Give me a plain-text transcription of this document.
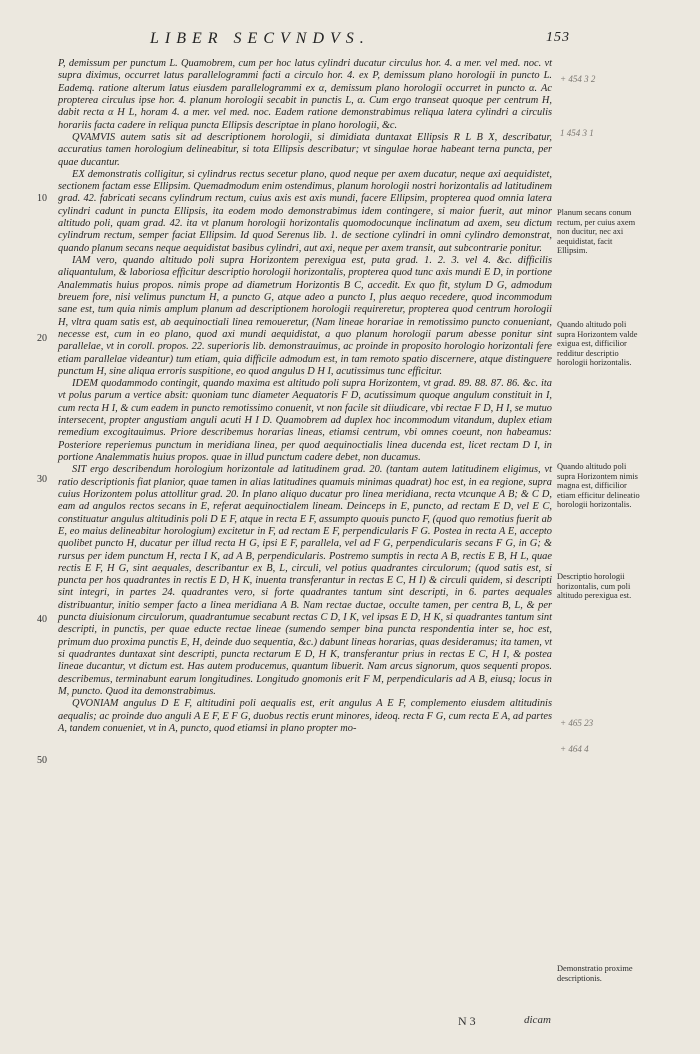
LIBER SECVNDVS.	153

P, demissum per punctum L. Quamobrem, cum per hoc latus cylindri ducatur circulus hor. 4. a mer. vel med. noc. vt supra diximus, occurret latus parallelogrammi facti a circulo hor. 4. ex P, demissum plano horologii in puncto L. Eademq. ratione alterum latus eiusdem parallelogrammi ex α, demissum plano horologii occurret in puncto α. Ac propterea circulus ipse hor. 4. planum horologii secabit in punctis L, α. Cum ergo transeat quoque per centrum H, dabit recta α H L, horam 4. a mer. vel med. noc. Eadem ratione demonstrabimus reliqua latera cylindri a circulis horariis facta cadere in reliqua puncta Ellipsis descriptae in plano horologii, &c.

QVAMVIS autem satis sit ad descriptionem horologii, si dimidiata duntaxat Ellipsis R L B X, describatur, accuratius tamen horologium delineabitur, si tota Ellipsis describatur; vt singulae horae habeant terna puncta, per quae ducantur.

EX demonstratis colligitur, si cylindrus rectus secetur plano, quod neque per axem ducatur, neque axi aequidistet, sectionem factam esse Ellipsim. Quemadmodum enim ostendimus, planum horologii nostri horizontalis ad latitudinem grad. 42. fabricati secans cylindrum rectum, cuius axis est axis mundi, facere Ellipsim, propterea quod omnia latera cylindri cadunt in puncta Ellipsis, ita eodem modo demonstrabimus idem contingere, si maior fuerit, aut minor altitudo poli, quam grad. 42. ita vt planum horologii horizontalis quomodocunque inclinatum ad axem, seu dictum cylindrum rectum, semper faciat Ellipsim. Id quod Serenus lib. 1. de sectione cylindri in omni cylindro demonstrat, quando planum secans neque aequidistat basibus cylindri, aut axi, neque per axem transit, aut subcontrarie ponitur.

IAM vero, quando altitudo poli supra Horizontem perexigua est, puta grad. 1. 2. 3. vel 4. &c. difficilis aliquantulum, & laboriosa efficitur descriptio horologii horizontalis, propterea quod tunc axis mundi E D, in portione Analemmatis huius propos. nimis prope ad diametrum Horizontis B C, accedit. Ex quo fit, stylum D G, admodum breuem fore, nisi velimus punctum H, a puncto G, atque adeo a puncto I, plus aequo recedere, quod incommodum sane est, tum quia nimis amplum planum ad descriptionem horologii requireretur, propterea quod centrum horologii H, vltra quam satis est, ab aequinoctiali linea remoueretur, (Nam lineae horariae in remotissimo puncto conueniant, necesse est, cum in eo plano, quod axi mundi aequidistat, a quo planum horologii parum abesse ponitur sint parallelae, vt in coroll. propos. 22. superioris lib. demonstrauimus, ac proinde in proposito horologio horizontali fere etiam parallelae videantur) tum etiam, quia difficile admodum est, in tam remoto spatio discernere, atque distinguere punctum H, sine aliqua erroris suspitione, eo quod angulus D H I, acutissimus tunc efficitur.

IDEM quodammodo contingit, quando maxima est altitudo poli supra Horizontem, vt grad. 89. 88. 87. 86. &c. ita vt polus parum a vertice absit: quoniam tunc diameter Aequatoris F D, acutissimum quoque angulum constituit in I, cum recta H I, & cum eadem in puncto remotissimo conuenit, vt non facile sit diiudicare, vbi rectae F D, H I, se mutuo intersecent, propter angustiam anguli acuti H I D. Quamobrem ad duplex hoc incommodum vitandum, duplex etiam remedium excogitauimus. Priore describemus horarias lineas, etiamsi centrum, vbi omnes coeunt, non habeamus: Posteriore reperiemus punctum in meridiana linea, per quod aequinoctialis linea ducenda est, licet rectam D I, in portione Analemmatis huius propos. quae in illud punctum cadere debet, non ducamus.

SIT ergo describendum horologium horizontale ad latitudinem grad. 20. (tantam autem latitudinem eligimus, vt ratio descriptionis fiat planior, quae tamen in alias latitudines quamuis minimas quadrat) hoc est, in ea regione, supra cuius Horizontem polus attollitur grad. 20. In plano aliquo ducatur pro linea meridiana, recta vtcunque A B; & C D, eam ad angulos rectos secans in E, referat aequinoctialem lineam. Deinceps in E, puncto, ad rectam E D, vel E C, constituatur angulus altitudinis poli D E F, atque in recta E F, assumpto quouis puncto F, (quod quo remotius fuerit ab E, eo maius delineabitur horologium) excitetur in F, ad rectam E F, perpendicularis F G. Postea in recta A E, accepto quolibet puncto H, ducatur per illud recta H G, ipsi E F, parallela, vel ad F G, perpendicularis secans F G, in G; & rursus per idem punctum H, recta I K, ad A B, perpendicularis. Postremo sumptis in recta A B, rectis E B, H L, quae rectis E F, H G, sint aequales, describantur ex B, L, circuli, vel potius quadrantes circulorum; (quod satis est, si puncta per hos quadrantes in rectis E D, H K, inuenta transferantur in rectas E C, H I) & circuli quidem, si descripti sint integri, in partes 24. quadrantes vero, si forte quadrantes tantum sint descripti, in 6. partes aequales distribuantur, initio semper facto a linea meridiana A B. Nam rectae ductae, occulte tamen, per centra B, L, & per puncta diuisionum circulorum, quadrantumue secabunt rectas C D, I K, vel ipsas E D, H K, si quadrantes tantum sint descripti, in punctis, per quae educte rectae lineae (sumendo semper bina puncta respondentia inter se, hoc est, primum duo proxima punctis E, H, deinde duo sequentia, &c.) dabunt lineas horarias, quas desideramus; ita tamen, vt si quadrantes duntaxat sint descripti, puncta rectarum E D, H K, transferantur prius in rectas E C, H I, & postea lineae ducantur, vt dictum est. Has autem producemus, quantum libuerit. Nam arcus signorum, quos sequenti propos. describemus, terminabunt earum longitudines. Longitudo gnomonis erit F M, perpendicularis ad A B, eiusq; locus in M, puncto. Quod ita demonstrabimus.

QVONIAM angulus D E F, altitudini poli aequalis est, erit angulus A E F, complemento eiusdem altitudinis aequalis; ac proinde duo anguli A E F, E F G, duobus rectis erunt minores, ideoq. recta F G, cum recta E A, ad partes A, tandem conueniet, vt in A, puncto, quod etiamsi in plano propter mo-

10
20
30
40
50
Planum secans conum rectum, per cuius axem non ducitur, nec axi aequidistat, facit Ellipsim.
Quando altitudo poli supra Horizontem valde exigua est, difficilior redditur descriptio horologii horizontalis.
Quando altitudo poli supra Horizontem nimis magna est, difficilior etiam efficitur delineatio horologii horizontalis.
Descriptio horologii horizontalis, cum poli altitudo perexigua est.
Demonstratio proxime descriptionis.
+ 454 3 2
1 454 3 1
+ 465 23
+ 464 4
N 3	dicam
